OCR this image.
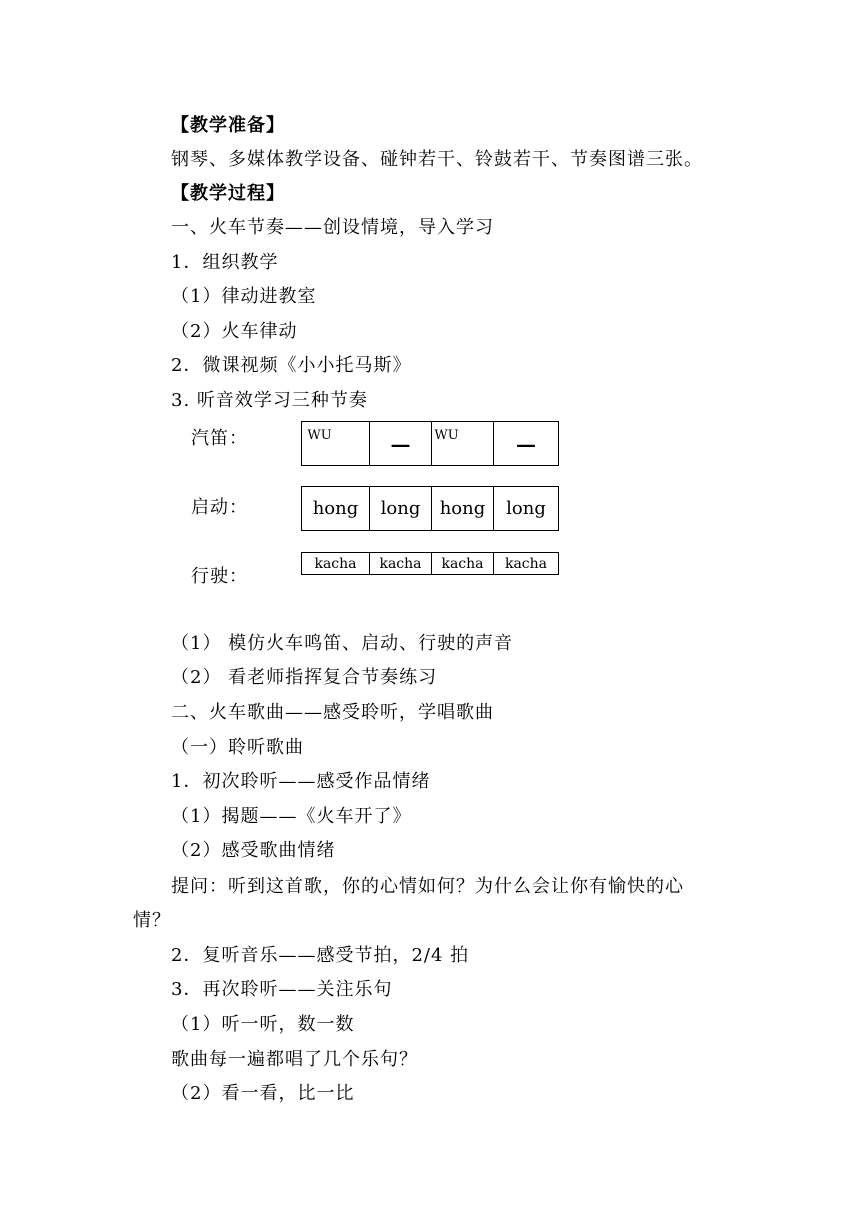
【教学准备】
钢琴、多媒体教学设备、碰钟若干、铃鼓若干、节奏图谱三张。
【教学过程】
一、火车节奏——创设情境，导入学习
1．组织教学
（1）律动进教室
（2）火车律动
2．微课视频《小小托马斯》
3. 听音效学习三种节奏
汽笛：	$^{WU}$	—	$^{WU}$	—
启动：	hong	long	hong	long
行驶：
kacha	kacha	kacha	kacha
（1） 模仿火车鸣笛、启动、行驶的声音
（2） 看老师指挥复合节奏练习
二、火车歌曲——感受聆听，学唱歌曲
（一）聆听歌曲
1．初次聆听——感受作品情绪
（1）揭题——《火车开了》
（2）感受歌曲情绪
提问：听到这首歌，你的心情如何？为什么会让你有愉快的心
情？
2．复听音乐——感受节拍，2/4 拍
3．再次聆听——关注乐句
（1）听一听，数一数
歌曲每一遍都唱了几个乐句？
（2）看一看，比一比
